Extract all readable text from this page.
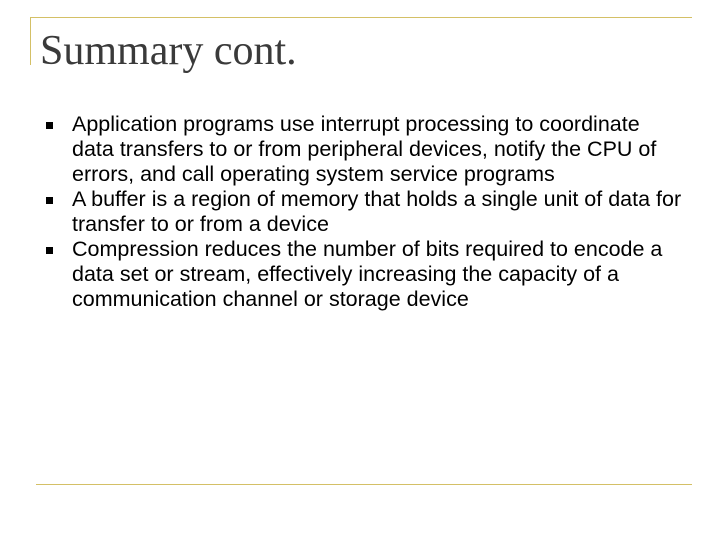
Summary cont.
Application programs use interrupt processing to coordinate data transfers to or from peripheral devices, notify the CPU of errors, and call operating system service programs
A buffer is a region of memory that holds a single unit of data for transfer to or from a device
Compression reduces the number of bits required to encode a data set or stream, effectively increasing the capacity of a communication channel or storage device
